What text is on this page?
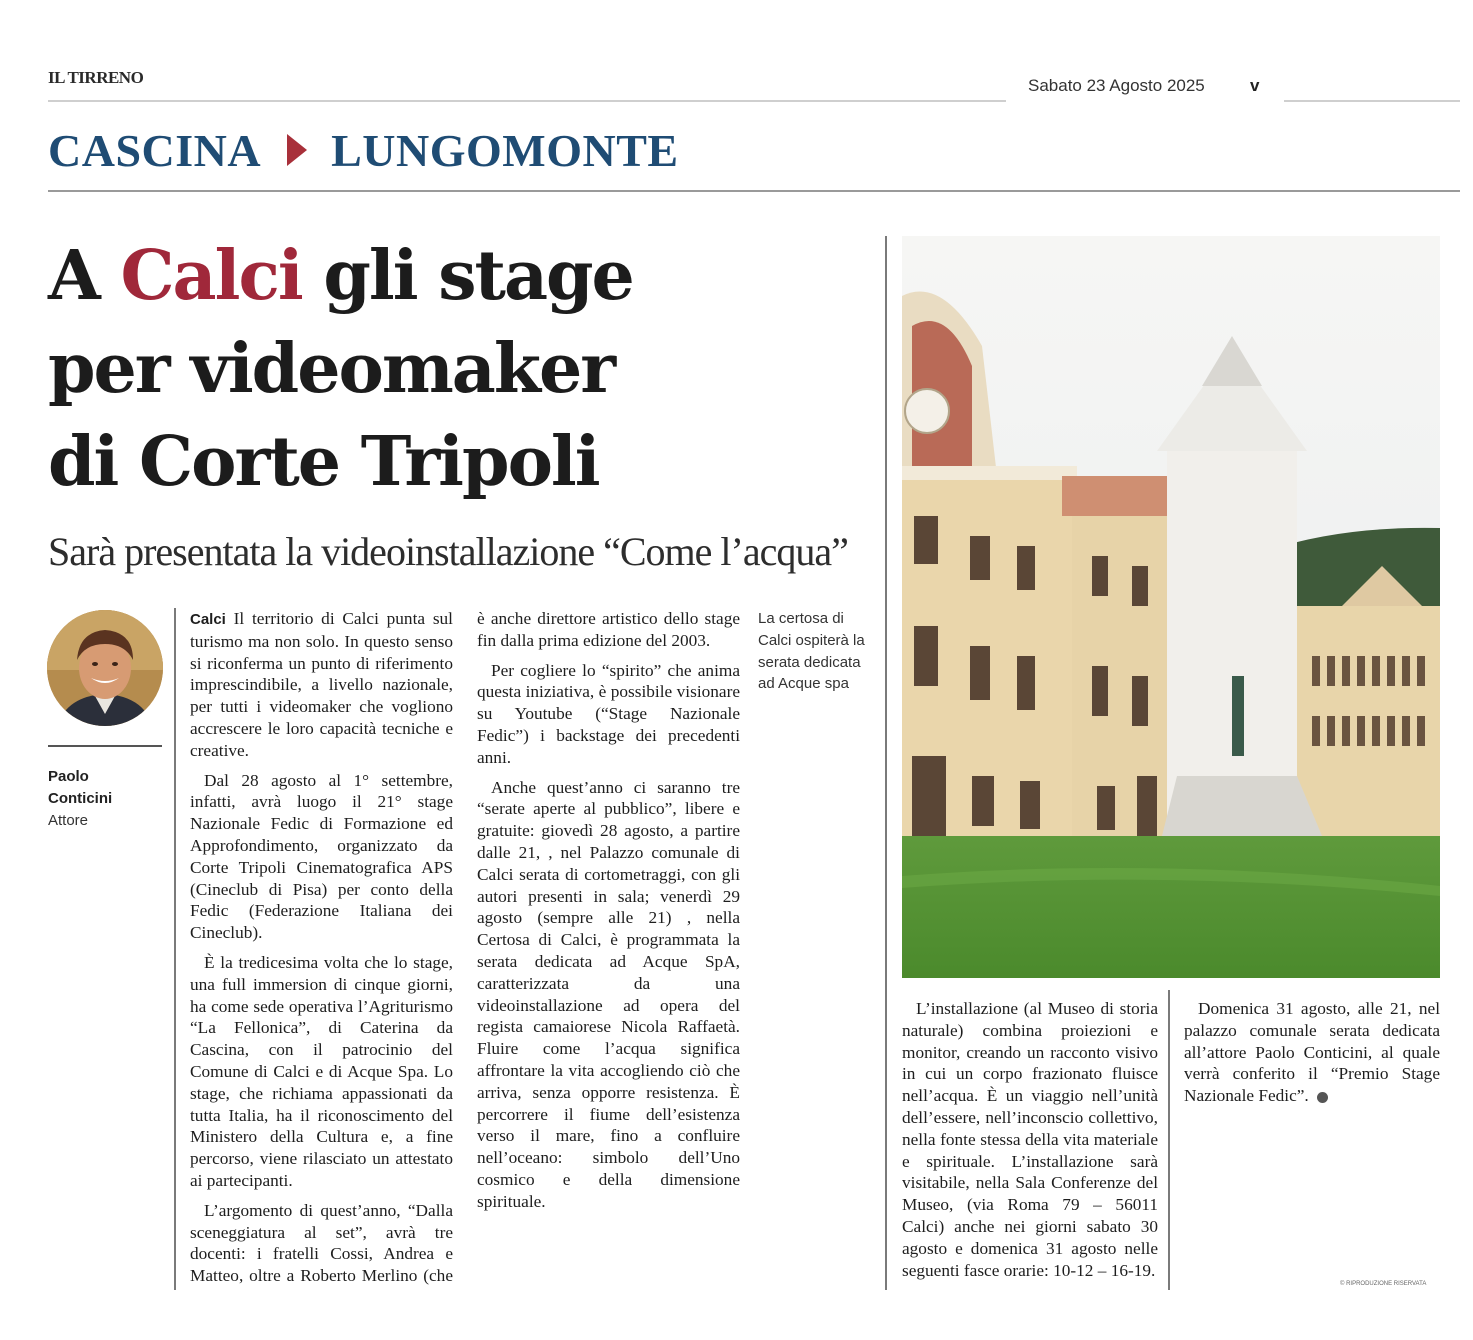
IL TIRRENO	Sabato 23 Agosto 2025	v
CASCINA LUNGOMONTE
A Calci gli stage
per videomaker
di Corte Tripoli
Sarà presentata la videoinstallazione “Come l’acqua”
Paolo
Conticini
Attore

Calci Il territorio di Calci punta sul turismo ma non solo. In questo senso si riconferma un punto di riferimento imprescindibile, a livello nazionale, per tutti i videomaker che vogliono accrescere le loro capacità tecniche e creative.

Dal 28 agosto al 1° settembre, infatti, avrà luogo il 21° stage Nazionale Fedic di Formazione ed Approfondimento, organizzato da Corte Tripoli Cinematografica APS (Cineclub di Pisa) per conto della Fedic (Federazione Italiana dei Cineclub).

È la tredicesima volta che lo stage, una full immersion di cinque giorni, ha come sede operativa l’Agriturismo “La Fellonica”, di Caterina da Cascina, con il patrocinio del Comune di Calci e di Acque Spa. Lo stage, che richiama appassionati da tutta Italia, ha il riconoscimento del Ministero della Cultura e, a fine percorso, viene rilasciato un attestato ai partecipanti.

L’argomento di quest’anno, “Dalla sceneggiatura al set”, avrà tre docenti: i fratelli Cossi, Andrea e Matteo, oltre a Roberto Merlino (che è anche direttore artistico dello stage fin dalla prima edizione del 2003.

Per cogliere lo “spirito” che anima questa iniziativa, è possibile visionare su Youtube (“Stage Nazionale Fedic”) i backstage dei precedenti anni.

Anche quest’anno ci saranno tre “serate aperte al pubblico”, libere e gratuite: giovedì 28 agosto, a partire dalle 21, , nel Palazzo comunale di Calci serata di cortometraggi, con gli autori presenti in sala; venerdì 29 agosto (sempre alle 21) , nella Certosa di Calci, è programmata la serata dedicata ad Acque SpA, caratterizzata da una videoinstallazione ad opera del regista camaiorese Nicola Raffaetà. Fluire come l’acqua significa affrontare la vita accogliendo ciò che arriva, senza opporre resistenza. È percorrere il fiume dell’esistenza verso il mare, fino a confluire nell’oceano: simbolo dell’Uno cosmico e della dimensione spirituale.

L’installazione (al Museo di storia naturale) combina proiezioni e monitor, creando un racconto visivo in cui un corpo frazionato fluisce nell’acqua. È un viaggio nell’unità dell’essere, nell’inconscio collettivo, nella fonte stessa della vita materiale e spirituale. L’installazione sarà visitabile, nella Sala Conferenze del Museo, (via Roma 79 – 56011 Calci) anche nei giorni sabato 30 agosto e domenica 31 agosto nelle seguenti fasce orarie: 10-12 – 16-19.

Domenica 31 agosto, alle 21, nel palazzo comunale serata dedicata all’attore Paolo Conticini, al quale verrà conferito il “Premio Stage Nazionale Fedic”.

La certosa di Calci ospiterà la serata dedicata ad Acque spa
© RIPRODUZIONE RISERVATA
